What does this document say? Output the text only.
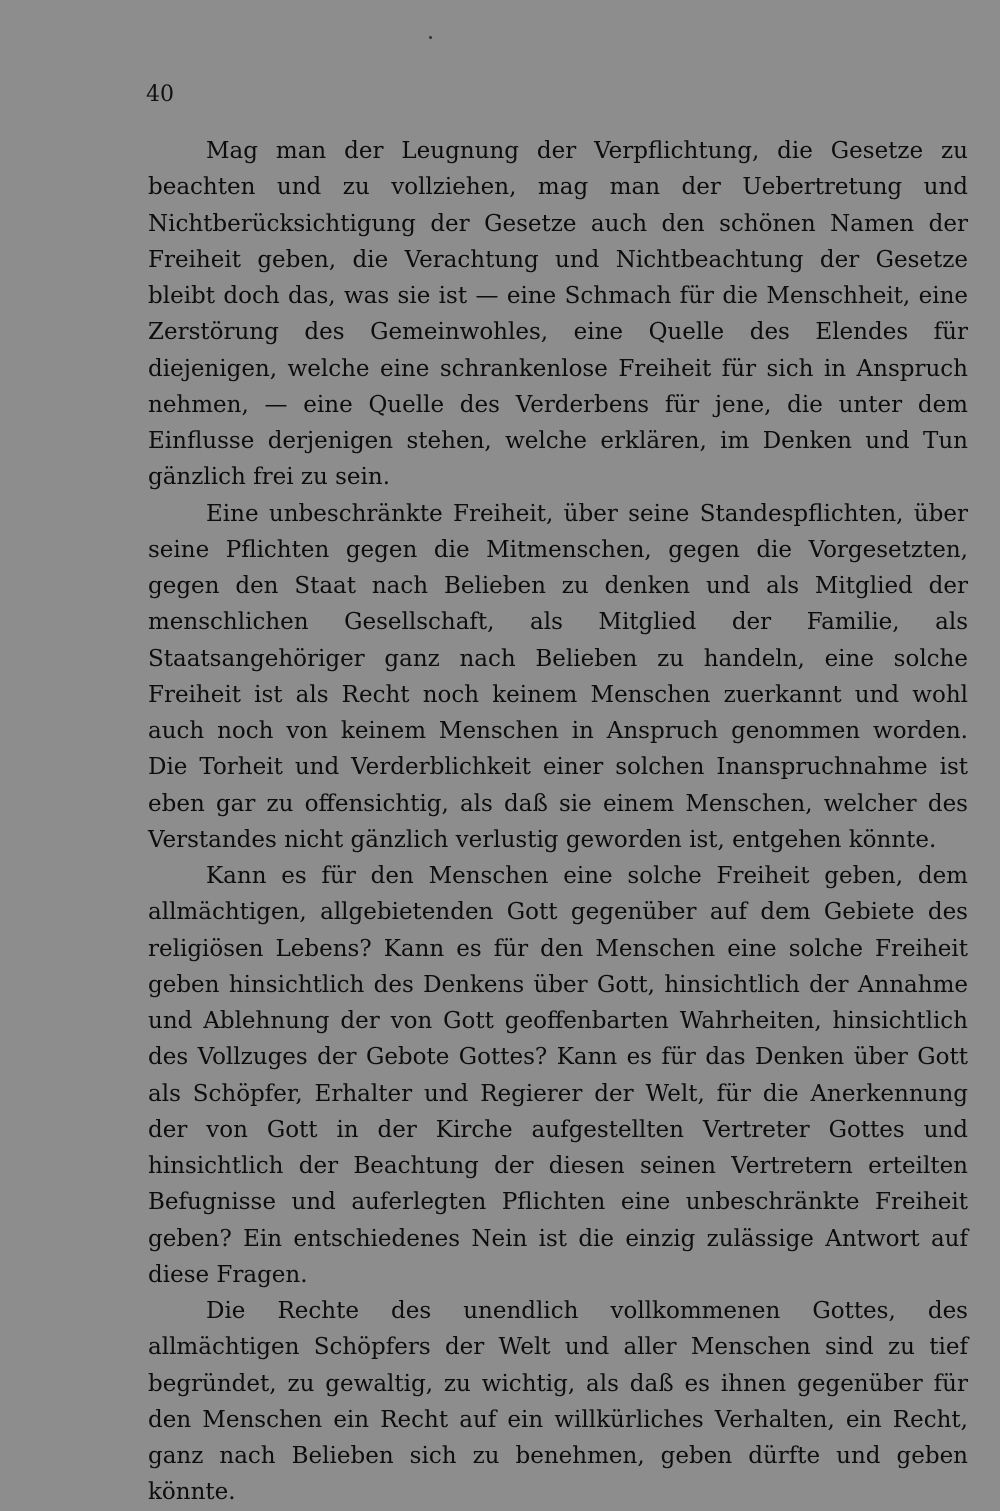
40

Mag man der Leugnung der Verpflichtung, die Gesetze zu beachten und zu vollziehen, mag man der Uebertretung und Nichtberücksichtigung der Gesetze auch den schönen Namen der Freiheit geben, die Verachtung und Nichtbeachtung der Gesetze bleibt doch das, was sie ist — eine Schmach für die Menschheit, eine Zerstörung des Gemeinwohles, eine Quelle des Elendes für diejenigen, welche eine schrankenlose Freiheit für sich in Anspruch nehmen, — eine Quelle des Verderbens für jene, die unter dem Einflusse derjenigen stehen, welche erklären, im Denken und Tun gänzlich frei zu sein.

Eine unbeschränkte Freiheit, über seine Standespflichten, über seine Pflichten gegen die Mitmenschen, gegen die Vorgesetzten, gegen den Staat nach Belieben zu denken und als Mitglied der menschlichen Gesellschaft, als Mitglied der Familie, als Staatsangehöriger ganz nach Belieben zu handeln, eine solche Freiheit ist als Recht noch keinem Menschen zuerkannt und wohl auch noch von keinem Menschen in Anspruch genommen worden. Die Torheit und Verderblichkeit einer solchen Inanspruchnahme ist eben gar zu offensichtig, als daß sie einem Menschen, welcher des Verstandes nicht gänzlich verlustig geworden ist, entgehen könnte.

Kann es für den Menschen eine solche Freiheit geben, dem allmächtigen, allgebietenden Gott gegenüber auf dem Gebiete des religiösen Lebens? Kann es für den Menschen eine solche Freiheit geben hinsichtlich des Denkens über Gott, hinsichtlich der Annahme und Ablehnung der von Gott geoffenbarten Wahrheiten, hinsichtlich des Vollzuges der Gebote Gottes? Kann es für das Denken über Gott als Schöpfer, Erhalter und Regierer der Welt, für die Anerkennung der von Gott in der Kirche aufgestellten Vertreter Gottes und hinsichtlich der Beachtung der diesen seinen Vertretern erteilten Befugnisse und auferlegten Pflichten eine unbeschränkte Freiheit geben? Ein entschiedenes Nein ist die einzig zulässige Antwort auf diese Fragen.

Die Rechte des unendlich vollkommenen Gottes, des allmächtigen Schöpfers der Welt und aller Menschen sind zu tief begründet, zu gewaltig, zu wichtig, als daß es ihnen gegenüber für den Menschen ein Recht auf ein willkürliches Verhalten, ein Recht, ganz nach Belieben sich zu benehmen, geben dürfte und geben könnte.
